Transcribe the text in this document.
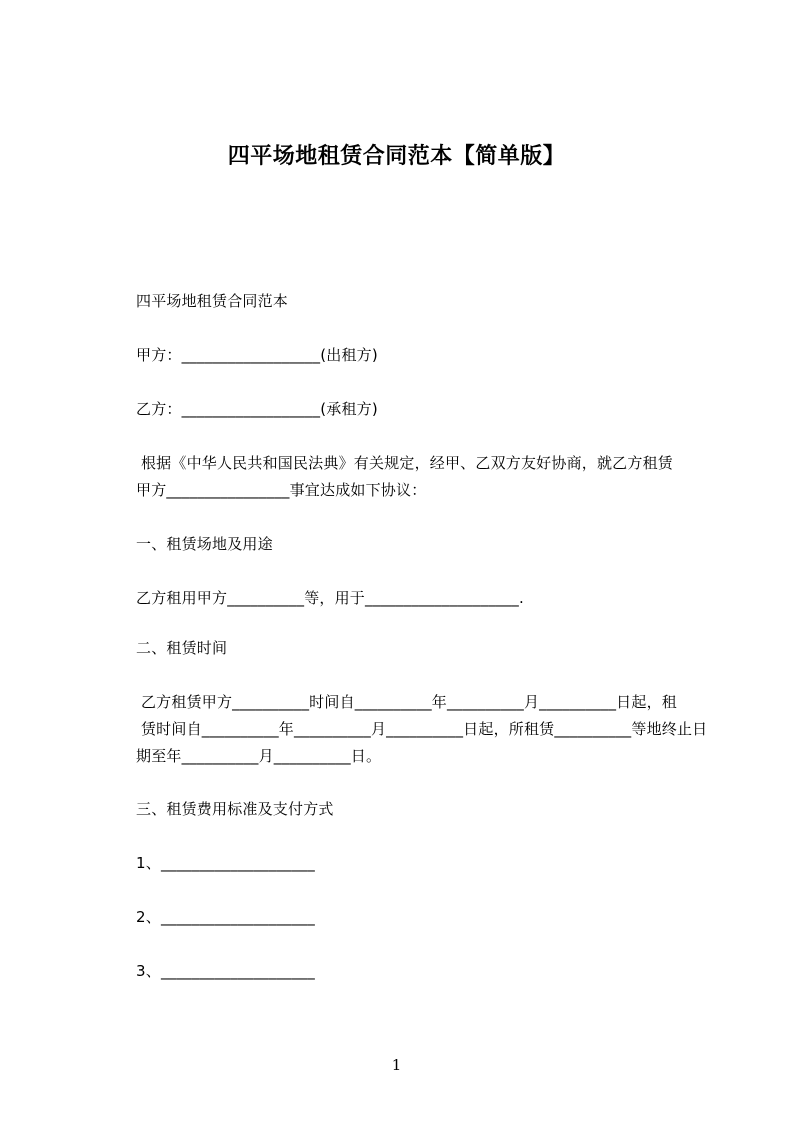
四平场地租赁合同范本【简单版】
四平场地租赁合同范本
甲方：__________________(出租方)
乙方：__________________(承租方)
根据《中华人民共和国民法典》有关规定，经甲、乙双方友好协商，就乙方租赁
甲方________________事宜达成如下协议：
一、租赁场地及用途
乙方租用甲方__________等，用于____________________.
二、租赁时间
乙方租赁甲方__________时间自__________年__________月__________日起，租
赁时间自__________年__________月__________日起，所租赁__________等地终止日
期至年__________月__________日。
三、租赁费用标准及支付方式
1、____________________
2、____________________
3、____________________
1
